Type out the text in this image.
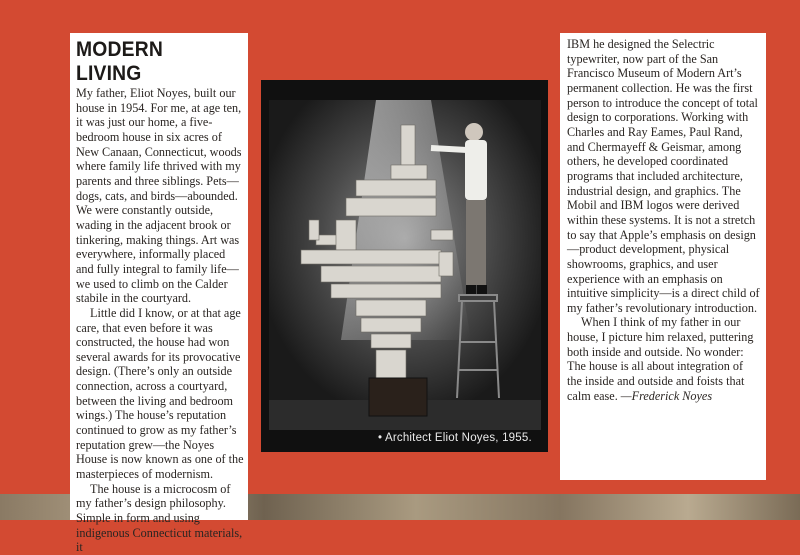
MODERN LIVING

My father, Eliot Noyes, built our house in 1954. For me, at age ten, it was just our home, a five-bedroom house in six acres of New Canaan, Connecticut, woods where family life thrived with my parents and three siblings. Pets—dogs, cats, and birds—abounded. We were constantly outside, wading in the adjacent brook or tinkering, making things. Art was everywhere, informally placed and fully integral to family life—we used to climb on the Calder stabile in the courtyard.

Little did I know, or at that age care, that even before it was constructed, the house had won several awards for its provocative design. (There’s only an outside connection, across a courtyard, between the living and bedroom wings.) The house’s reputation continued to grow as my father’s reputation grew—the Noyes House is now known as one of the masterpieces of modernism.

The house is a microcosm of my father’s design philosophy. Simple in form and using indigenous Connecticut materials, it

• Architect Eliot Noyes, 1955.

IBM he designed the Selectric typewriter, now part of the San Francisco Museum of Modern Art’s permanent collection. He was the first person to introduce the concept of total design to corporations. Working with Charles and Ray Eames, Paul Rand, and Chermayeff & Geismar, among others, he developed coordinated programs that included architecture, industrial design, and graphics. The Mobil and IBM logos were derived within these systems. It is not a stretch to say that Apple’s emphasis on design—product development, physical showrooms, graphics, and user experience with an emphasis on intuitive simplicity—is a direct child of my father’s revolutionary introduction.

When I think of my father in our house, I picture him relaxed, puttering both inside and outside. No wonder: The house is all about integration of the inside and outside and foists that calm ease. —Frederick Noyes
